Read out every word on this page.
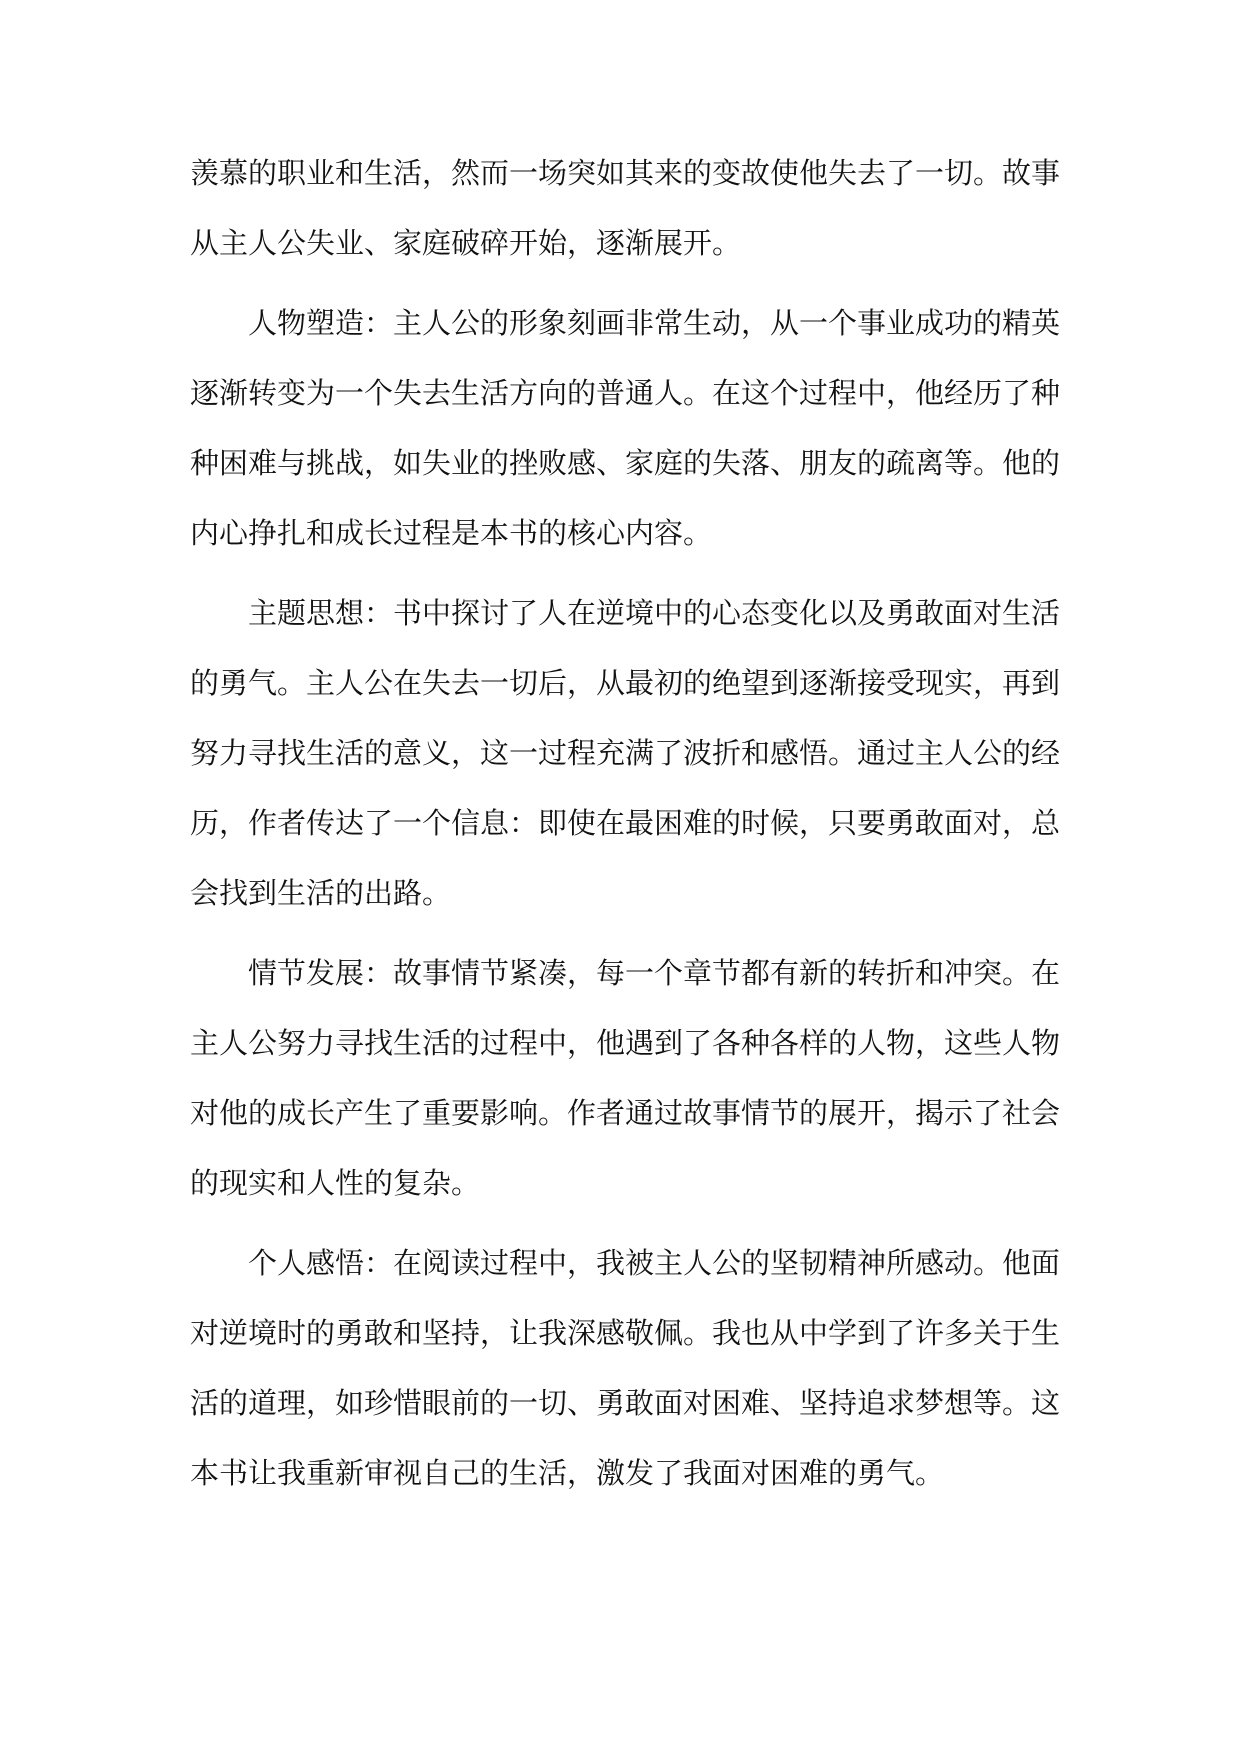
羡慕的职业和生活，然而一场突如其来的变故使他失去了一切。故事
从主人公失业、家庭破碎开始，逐渐展开。
人物塑造：主人公的形象刻画非常生动，从一个事业成功的精英
逐渐转变为一个失去生活方向的普通人。在这个过程中，他经历了种
种困难与挑战，如失业的挫败感、家庭的失落、朋友的疏离等。他的
内心挣扎和成长过程是本书的核心内容。
主题思想：书中探讨了人在逆境中的心态变化以及勇敢面对生活
的勇气。主人公在失去一切后，从最初的绝望到逐渐接受现实，再到
努力寻找生活的意义，这一过程充满了波折和感悟。通过主人公的经
历，作者传达了一个信息：即使在最困难的时候，只要勇敢面对，总
会找到生活的出路。
情节发展：故事情节紧凑，每一个章节都有新的转折和冲突。在
主人公努力寻找生活的过程中，他遇到了各种各样的人物，这些人物
对他的成长产生了重要影响。作者通过故事情节的展开，揭示了社会
的现实和人性的复杂。
个人感悟：在阅读过程中，我被主人公的坚韧精神所感动。他面
对逆境时的勇敢和坚持，让我深感敬佩。我也从中学到了许多关于生
活的道理，如珍惜眼前的一切、勇敢面对困难、坚持追求梦想等。这
本书让我重新审视自己的生活，激发了我面对困难的勇气。
